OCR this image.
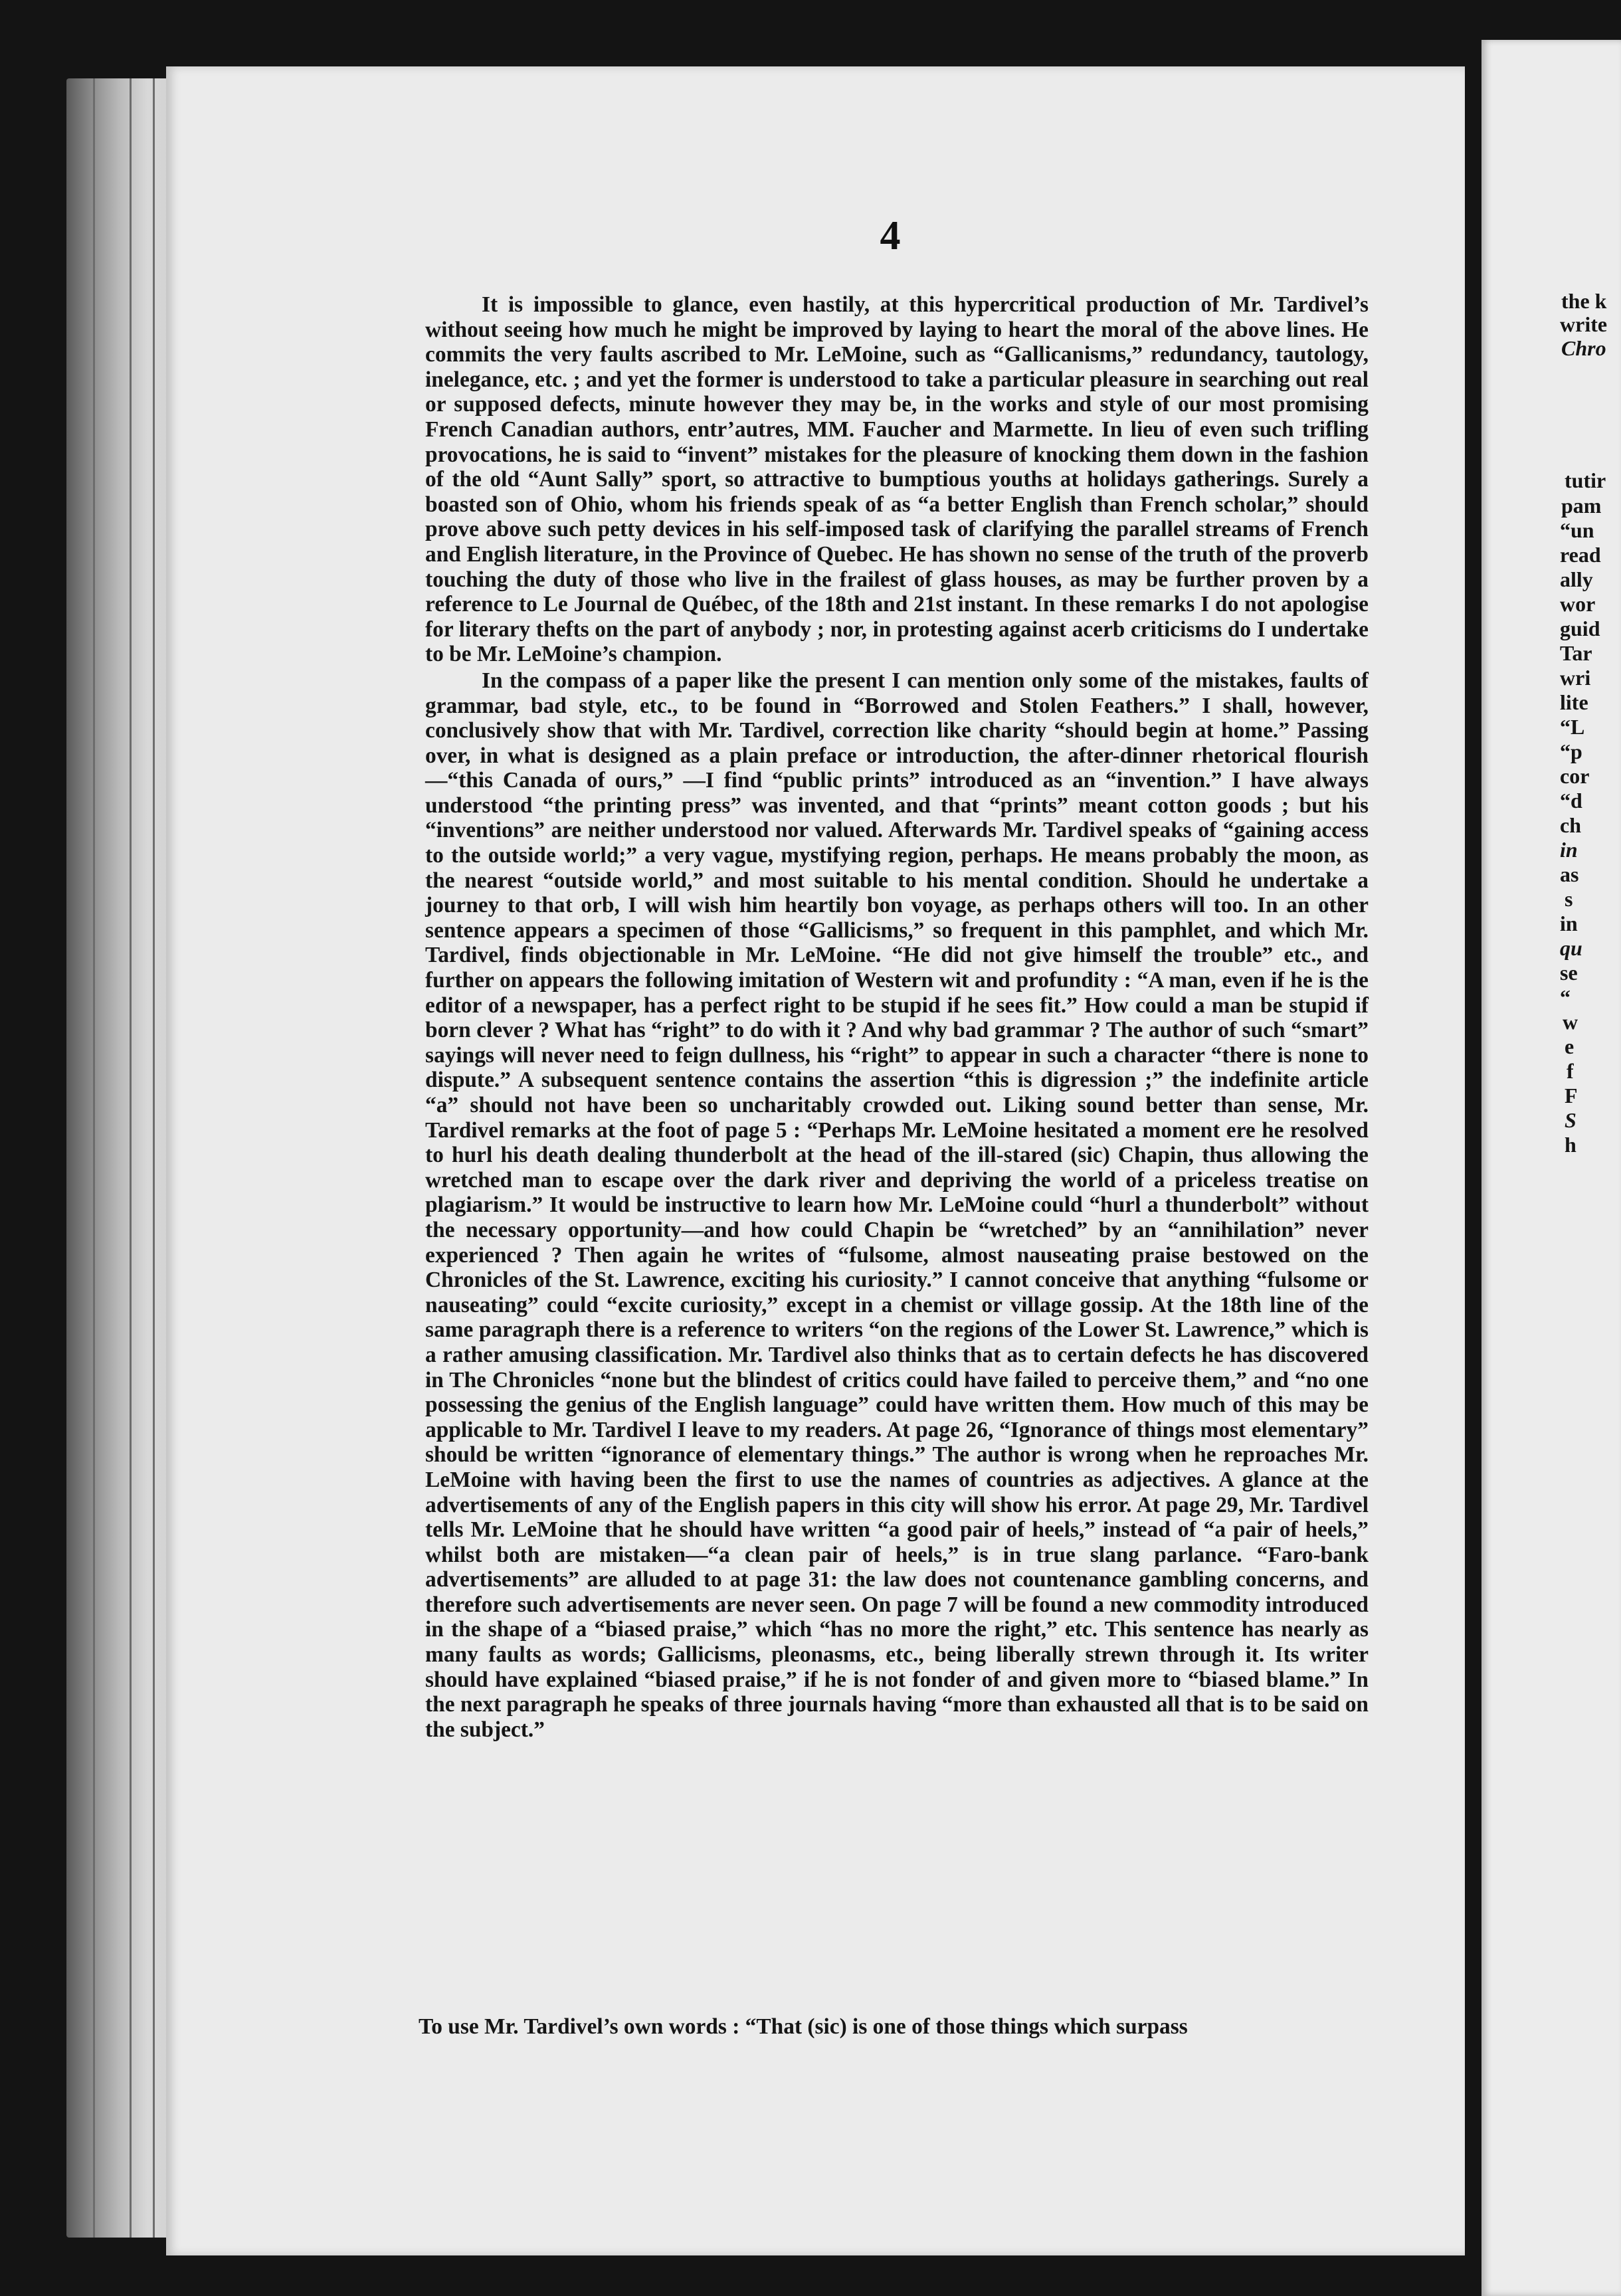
4

It is impossible to glance, even hastily, at this hypercritical production of Mr. Tardivel’s without seeing how much he might be improved by laying to heart the moral of the above lines. He commits the very faults ascribed to Mr. LeMoine, such as “Gallicanisms,” redundancy, tautology, inelegance, etc. ; and yet the former is understood to take a particular pleasure in searching out real or supposed defects, minute however they may be, in the works and style of our most promising French Canadian authors, entr’autres, MM. Faucher and Marmette. In lieu of even such trifling provocations, he is said to “invent” mistakes for the pleasure of knocking them down in the fashion of the old “Aunt Sally” sport, so attractive to bumptious youths at holidays gatherings. Surely a boasted son of Ohio, whom his friends speak of as “a better English than French scholar,” should prove above such petty devices in his self-imposed task of clarifying the parallel streams of French and English literature, in the Province of Quebec. He has shown no sense of the truth of the proverb touching the duty of those who live in the frailest of glass houses, as may be further proven by a reference to Le Journal de Québec, of the 18th and 21st instant. In these remarks I do not apologise for literary thefts on the part of anybody ; nor, in protesting against acerb criticisms do I undertake to be Mr. LeMoine’s champion.

In the compass of a paper like the present I can mention only some of the mistakes, faults of grammar, bad style, etc., to be found in “Borrowed and Stolen Feathers.” I shall, however, conclusively show that with Mr. Tardivel, correction like charity “should begin at home.” Passing over, in what is designed as a plain preface or introduction, the after-dinner rhetorical flourish—“this Canada of ours,” —I find “public prints” introduced as an “invention.” I have always understood “the printing press” was invented, and that “prints” meant cotton goods ; but his “inventions” are neither understood nor valued. Afterwards Mr. Tardivel speaks of “gaining access to the outside world;” a very vague, mystifying region, perhaps. He means probably the moon, as the nearest “outside world,” and most suitable to his mental condition. Should he undertake a journey to that orb, I will wish him heartily bon voyage, as perhaps others will too. In an other sentence appears a specimen of those “Gallicisms,” so frequent in this pamphlet, and which Mr. Tardivel, finds objectionable in Mr. LeMoine. “He did not give himself the trouble” etc., and further on appears the following imitation of Western wit and profundity : “A man, even if he is the editor of a newspaper, has a perfect right to be stupid if he sees fit.” How could a man be stupid if born clever ? What has “right” to do with it ? And why bad grammar ? The author of such “smart” sayings will never need to feign dullness, his “right” to appear in such a character “there is none to dispute.” A subsequent sentence contains the assertion “this is digression ;” the indefinite article “a” should not have been so uncharitably crowded out. Liking sound better than sense, Mr. Tardivel remarks at the foot of page 5 : “Perhaps Mr. LeMoine hesitated a moment ere he resolved to hurl his death dealing thunderbolt at the head of the ill-stared (sic) Chapin, thus allowing the wretched man to escape over the dark river and depriving the world of a priceless treatise on plagiarism.” It would be instructive to learn how Mr. LeMoine could “hurl a thunderbolt” without the necessary opportunity—and how could Chapin be “wretched” by an “annihilation” never experienced ? Then again he writes of “fulsome, almost nauseating praise bestowed on the Chronicles of the St. Lawrence, exciting his curiosity.” I cannot conceive that anything “fulsome or nauseating” could “excite curiosity,” except in a chemist or village gossip. At the 18th line of the same paragraph there is a reference to writers “on the regions of the Lower St. Lawrence,” which is a rather amusing classification. Mr. Tardivel also thinks that as to certain defects he has discovered in The Chronicles “none but the blindest of critics could have failed to perceive them,” and “no one possessing the genius of the English language” could have written them. How much of this may be applicable to Mr. Tardivel I leave to my readers. At page 26, “Ignorance of things most elementary” should be written “ignorance of elementary things.” The author is wrong when he reproaches Mr. LeMoine with having been the first to use the names of countries as adjectives. A glance at the advertisements of any of the English papers in this city will show his error. At page 29, Mr. Tardivel tells Mr. LeMoine that he should have written “a good pair of heels,” instead of “a pair of heels,” whilst both are mistaken—“a clean pair of heels,” is in true slang parlance. “Faro-bank advertisements” are alluded to at page 31: the law does not countenance gambling concerns, and therefore such advertisements are never seen. On page 7 will be found a new commodity introduced in the shape of a “biased praise,” which “has no more the right,” etc. This sentence has nearly as many faults as words; Gallicisms, pleonasms, etc., being liberally strewn through it. Its writer should have explained “biased praise,” if he is not fonder of and given more to “biased blame.” In the next paragraph he speaks of three journals having “more than exhausted all that is to be said on the subject.”

To use Mr. Tardivel’s own words : “That (sic) is one of those things which surpass
the k
write
Chro
tutir
pam
“un
read
ally
wor
guid
Tar
wri
lite
“L
“p
cor
“d
ch
in
as
s
in
qu
se
“
w
e
f
F
S
h
